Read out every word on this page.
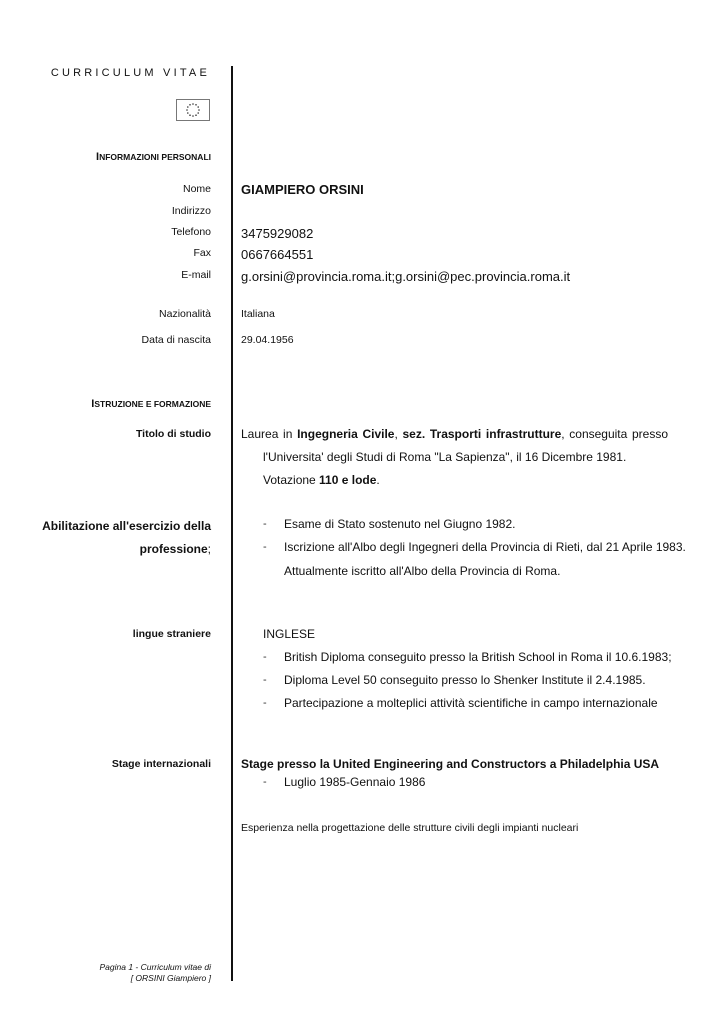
CURRICULUM VITAE
INFORMAZIONI PERSONALI
Nome GIAMPIERO ORSINI
Indirizzo
Telefono 3475929082
Fax 0667664551
E-mail g.orsini@provincia.roma.it;g.orsini@pec.provincia.roma.it
Nazionalità	Italiana
Data di nascita	29.04.1956
ISTRUZIONE E FORMAZIONE
Titolo di studio	Laurea in Ingegneria Civile, sez. Trasporti infrastrutture, conseguita presso
l'Universita' degli Studi di Roma "La Sapienza", il 16 Dicembre 1981.
Votazione 110 e lode.
Abilitazione all'esercizio della
professione;
- Esame di Stato sostenuto nel Giugno 1982.
- Iscrizione all'Albo degli Ingegneri della Provincia di Rieti, dal 21 Aprile 1983.
Attualmente iscritto all'Albo della Provincia di Roma.
lingue straniere	INGLESE
- British Diploma conseguito presso la British School in Roma il 10.6.1983;
- Diploma Level 50 conseguito presso lo Shenker Institute il 2.4.1985.
- Partecipazione a molteplici attività scientifiche in campo internazionale
Stage internazionali	Stage presso la United Engineering and Constructors a Philadelphia USA
- Luglio 1985-Gennaio 1986
Esperienza nella progettazione delle strutture civili degli impianti nucleari
Pagina 1 - Curriculum vitae di
[ ORSINI Giampiero ]
